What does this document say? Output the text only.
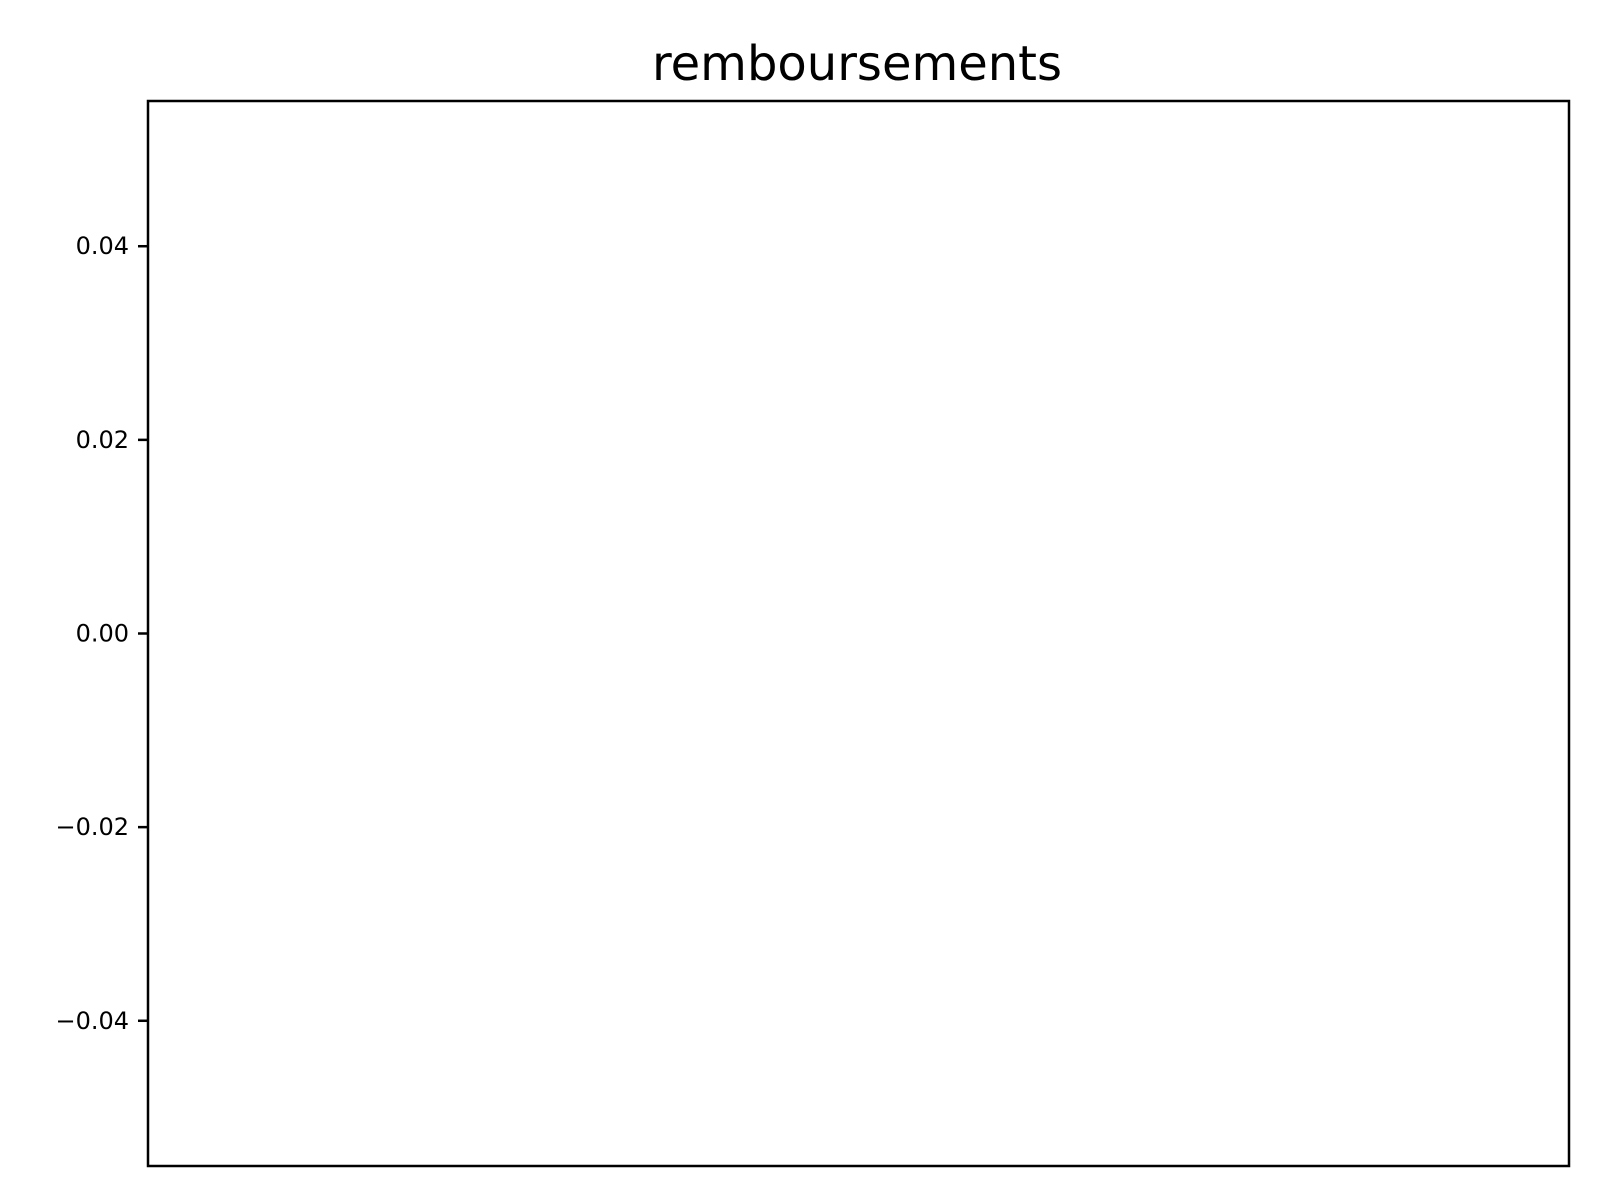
remboursements
−0.04
−0.02
0.00
0.02
0.04
